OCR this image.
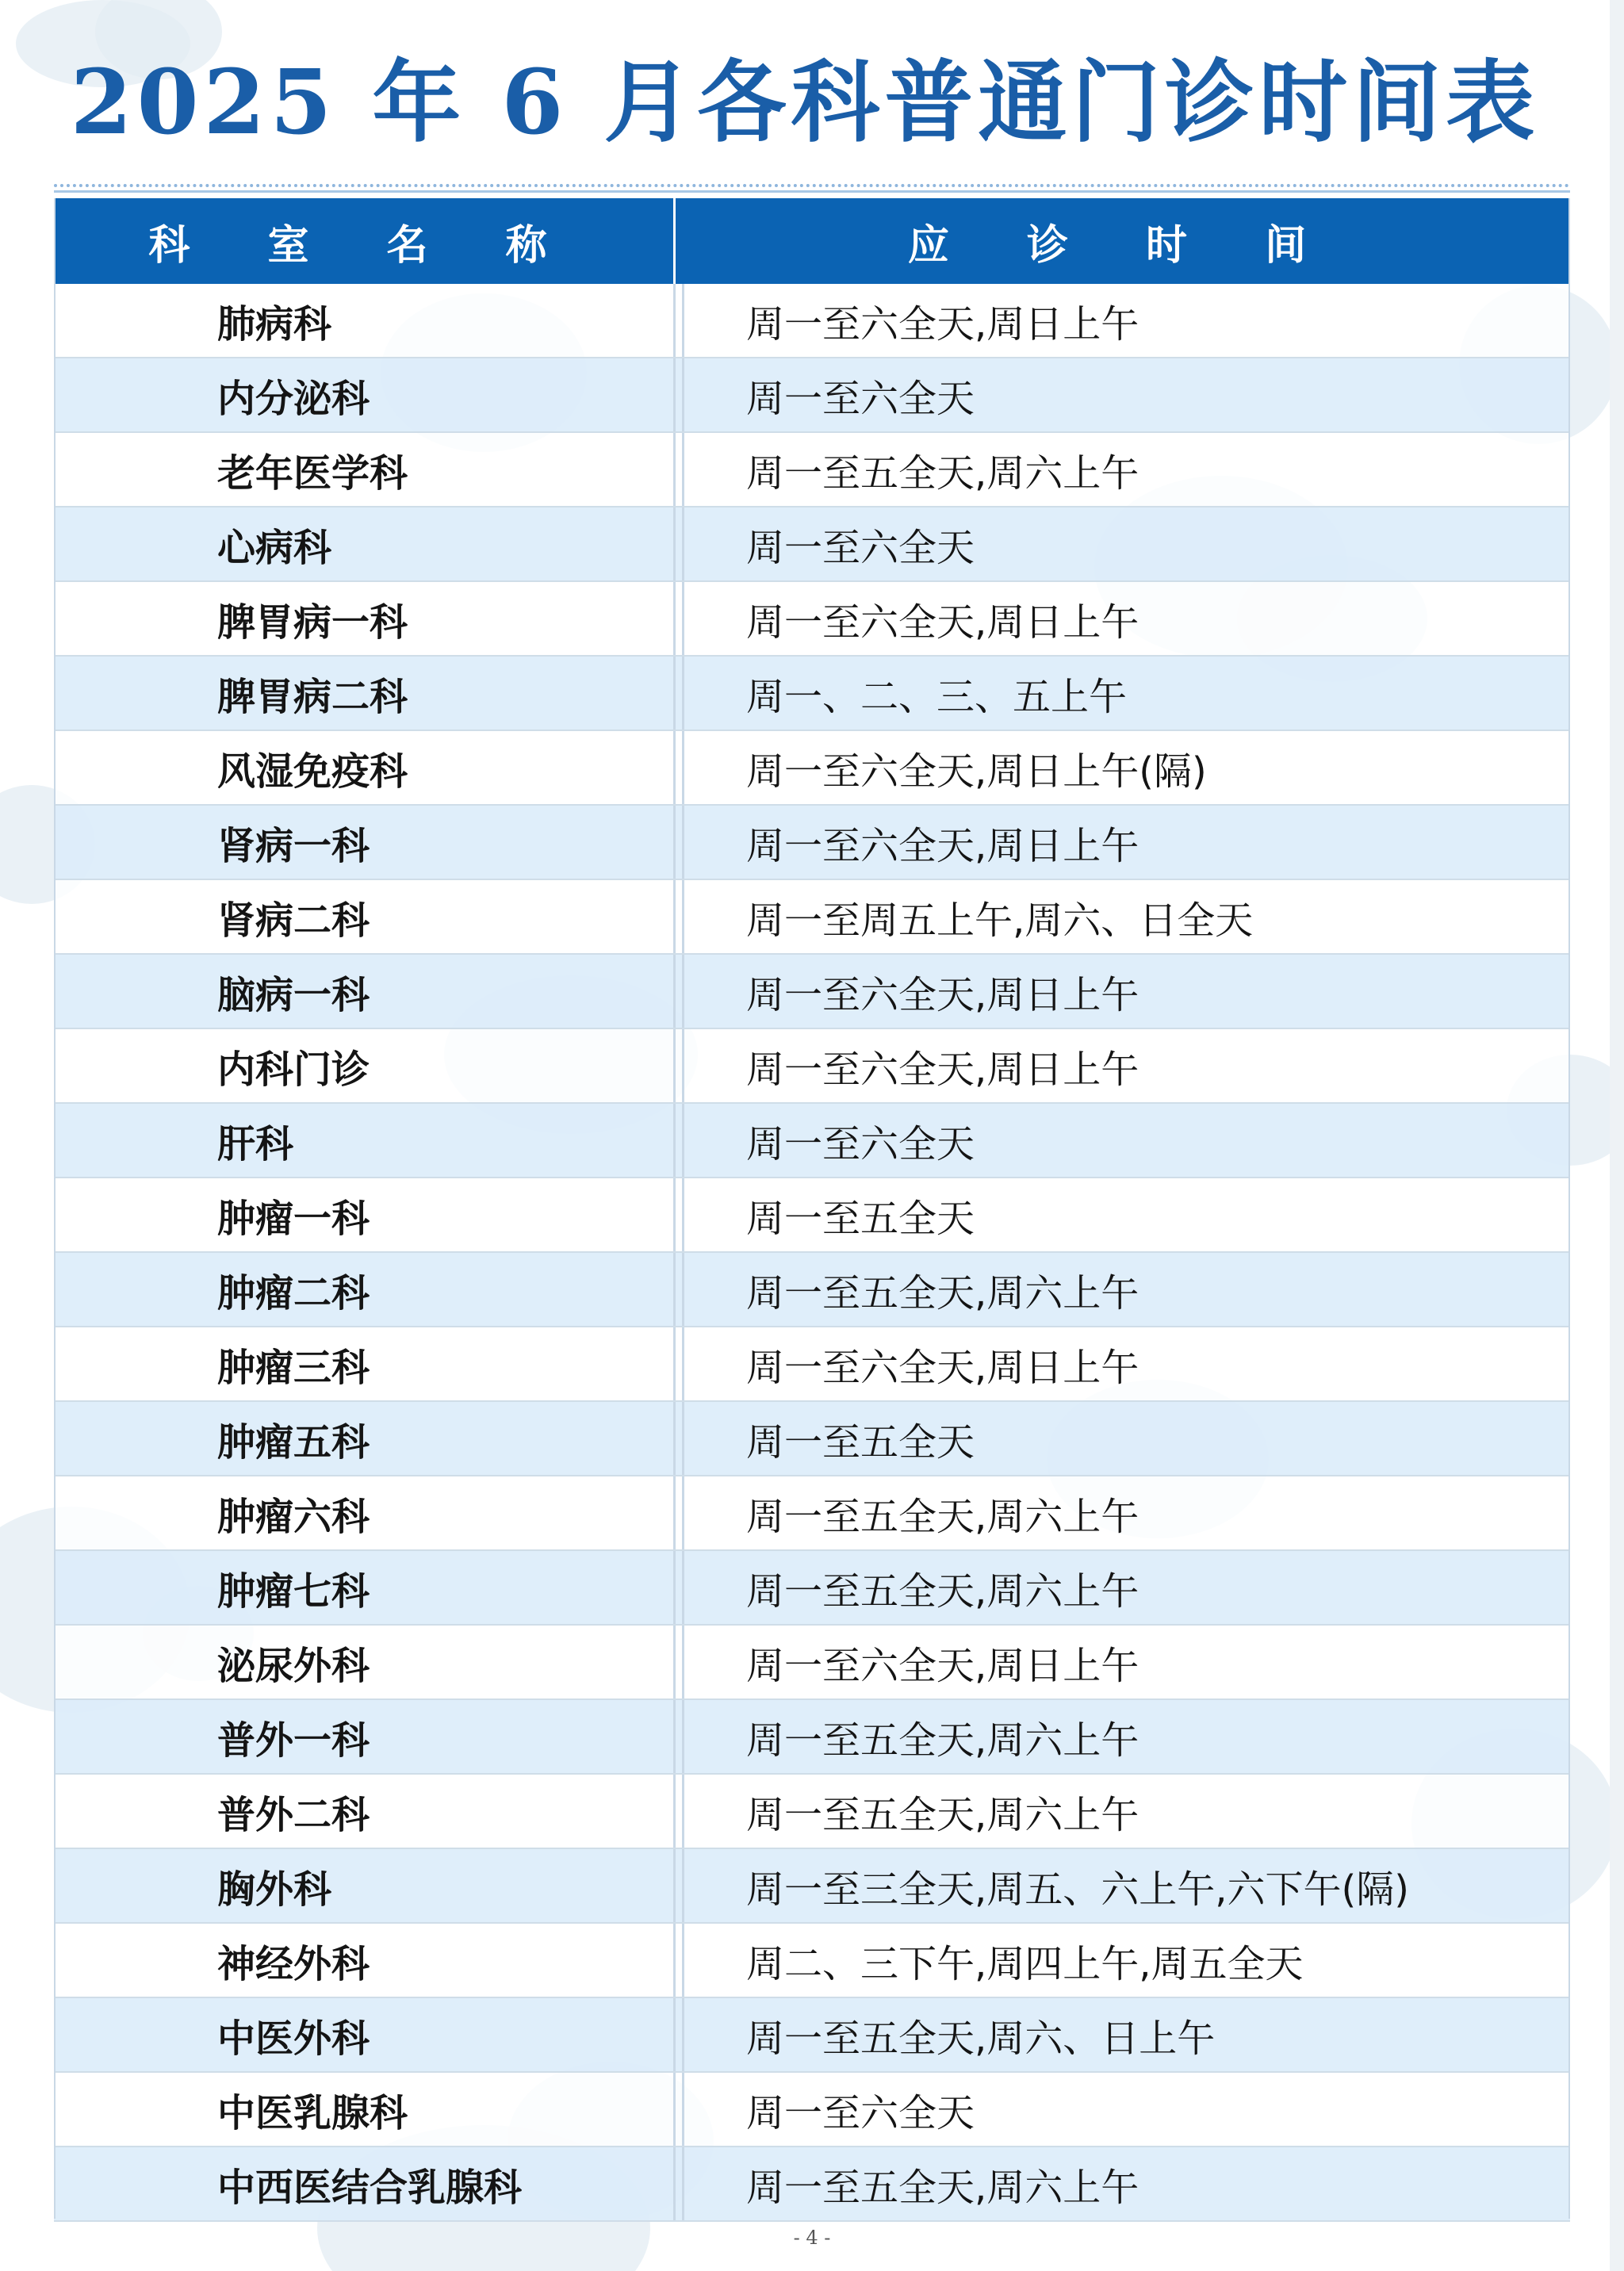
2025 年 6 月各科普通门诊时间表
科 室 名 称	应 诊 时 间
肺病科	周一至六全天,周日上午
内分泌科	周一至六全天
老年医学科	周一至五全天,周六上午
心病科	周一至六全天
脾胃病一科	周一至六全天,周日上午
脾胃病二科	周一、二、三、五上午
风湿免疫科	周一至六全天,周日上午(隔)
肾病一科	周一至六全天,周日上午
肾病二科	周一至周五上午,周六、日全天
脑病一科	周一至六全天,周日上午
内科门诊	周一至六全天,周日上午
肝科	周一至六全天
肿瘤一科	周一至五全天
肿瘤二科	周一至五全天,周六上午
肿瘤三科	周一至六全天,周日上午
肿瘤五科	周一至五全天
肿瘤六科	周一至五全天,周六上午
肿瘤七科	周一至五全天,周六上午
泌尿外科	周一至六全天,周日上午
普外一科	周一至五全天,周六上午
普外二科	周一至五全天,周六上午
胸外科	周一至三全天,周五、六上午,六下午(隔)
神经外科	周二、三下午,周四上午,周五全天
中医外科	周一至五全天,周六、日上午
中医乳腺科	周一至六全天
中西医结合乳腺科	周一至五全天,周六上午
- 4 -
